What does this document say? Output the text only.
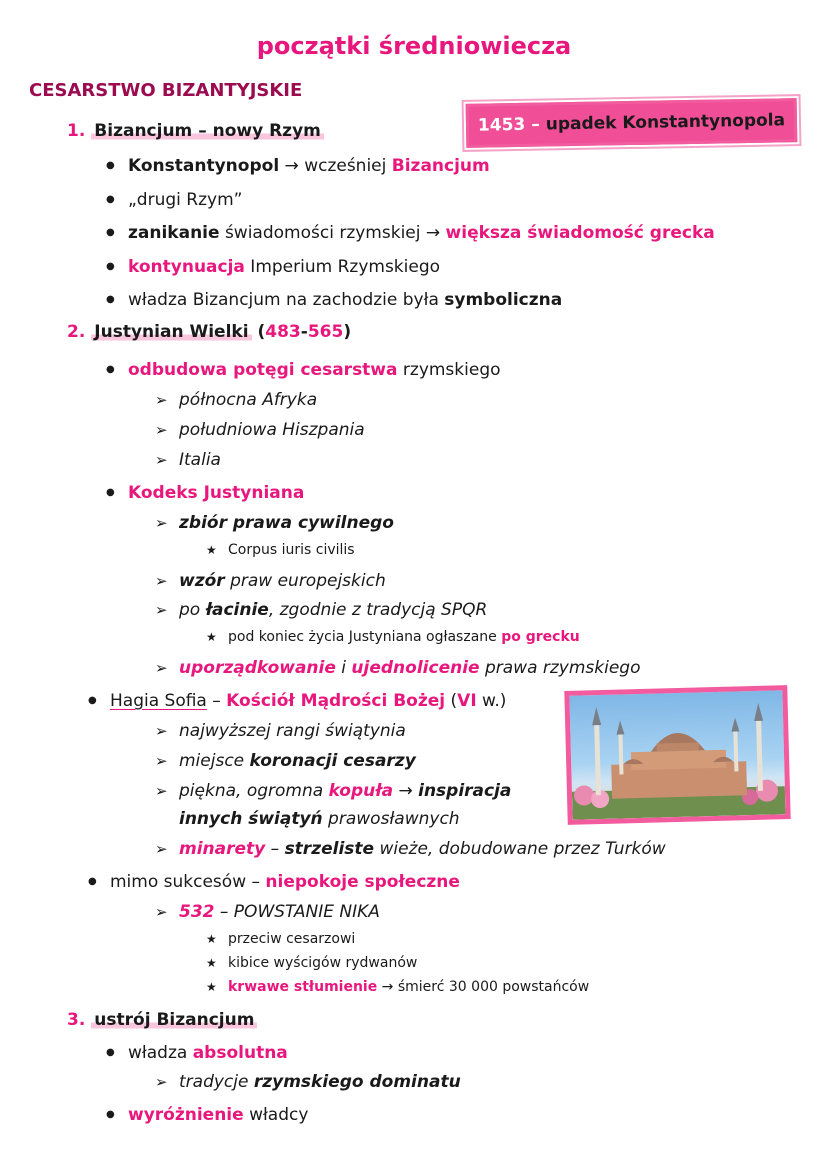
początki średniowiecza
CESARSTWO BIZANTYJSKIE
1453 – upadek Konstantynopola
1. Bizancjum – nowy Rzym
● Konstantynopol → wcześniej Bizancjum
● „drugi Rzym”
● zanikanie świadomości rzymskiej → większa świadomość grecka
● kontynuacja Imperium Rzymskiego
● władza Bizancjum na zachodzie była symboliczna
2. Justynian Wielki (483-565)
● odbudowa potęgi cesarstwa rzymskiego
➢ północna Afryka
➢ południowa Hiszpania
➢ Italia
● Kodeks Justyniana
➢ zbiór prawa cywilnego
★ Corpus iuris civilis
➢ wzór praw europejskich
➢ po łacinie, zgodnie z tradycją SPQR
★ pod koniec życia Justyniana ogłaszane po grecku
➢ uporządkowanie i ujednolicenie prawa rzymskiego
● Hagia Sofia – Kościół Mądrości Bożej (VI w.)
➢ najwyższej rangi świątynia
➢ miejsce koronacji cesarzy
➢ piękna, ogromna kopuła → inspiracja
innych świątyń prawosławnych
➢ minarety – strzeliste wieże, dobudowane przez Turków
● mimo sukcesów – niepokoje społeczne
➢ 532 – POWSTANIE NIKA
★ przeciw cesarzowi
★ kibice wyścigów rydwanów
★ krwawe stłumienie → śmierć 30 000 powstańców
3. ustrój Bizancjum
● władza absolutna
➢ tradycje rzymskiego dominatu
● wyróżnienie władcy
